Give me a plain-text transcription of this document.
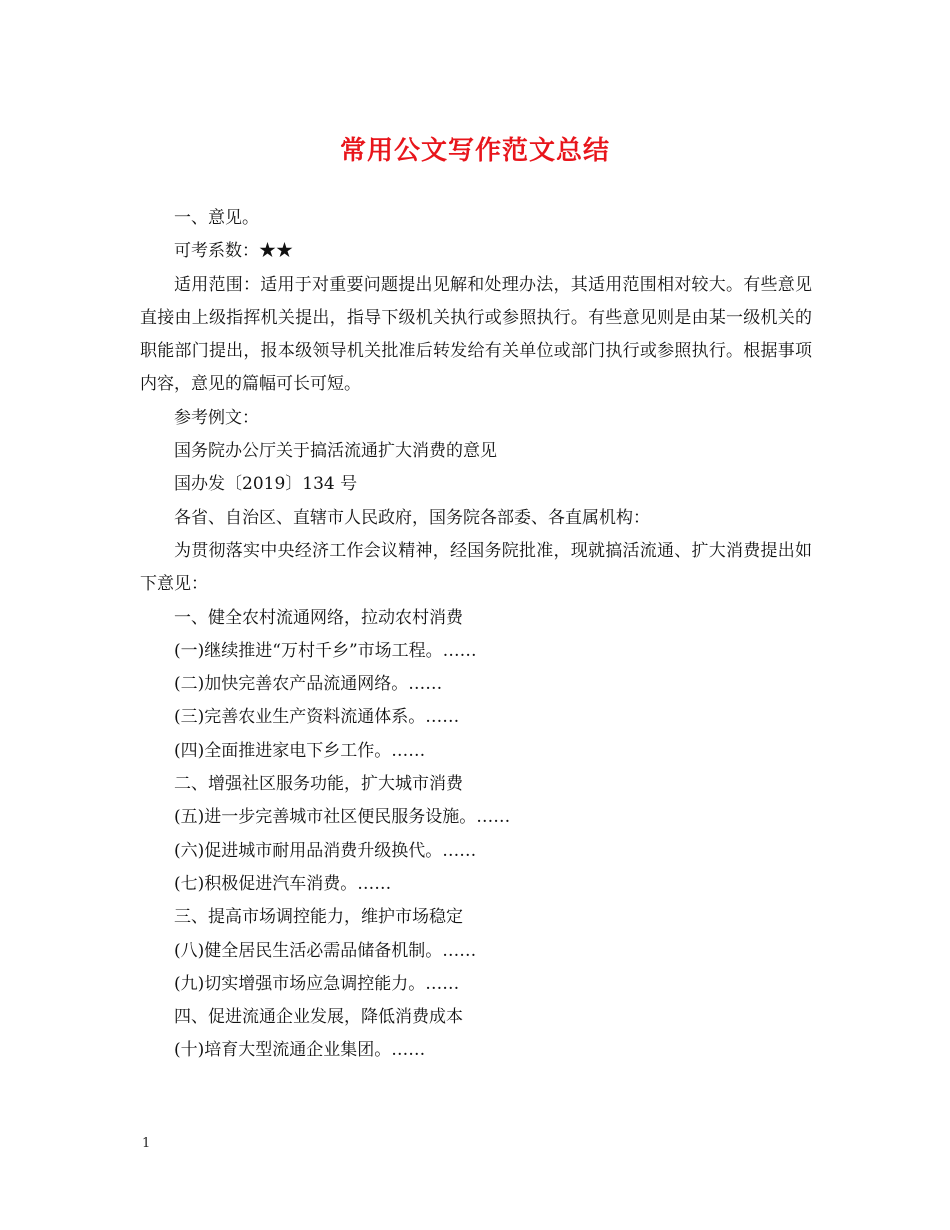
常用公文写作范文总结

一、意见。

可考系数：★★

适用范围：适用于对重要问题提出见解和处理办法，其适用范围相对较大。有些意见直接由上级指挥机关提出，指导下级机关执行或参照执行。有些意见则是由某一级机关的职能部门提出，报本级领导机关批准后转发给有关单位或部门执行或参照执行。根据事项内容，意见的篇幅可长可短。

参考例文：

国务院办公厅关于搞活流通扩大消费的意见

国办发〔2019〕134 号

各省、自治区、直辖市人民政府，国务院各部委、各直属机构：

为贯彻落实中央经济工作会议精神，经国务院批准，现就搞活流通、扩大消费提出如下意见：

一、健全农村流通网络，拉动农村消费

(一)继续推进“万村千乡”市场工程。……

(二)加快完善农产品流通网络。……

(三)完善农业生产资料流通体系。……

(四)全面推进家电下乡工作。……

二、增强社区服务功能，扩大城市消费

(五)进一步完善城市社区便民服务设施。……

(六)促进城市耐用品消费升级换代。……

(七)积极促进汽车消费。……

三、提高市场调控能力，维护市场稳定

(八)健全居民生活必需品储备机制。……

(九)切实增强市场应急调控能力。……

四、促进流通企业发展，降低消费成本

(十)培育大型流通企业集团。……

1
